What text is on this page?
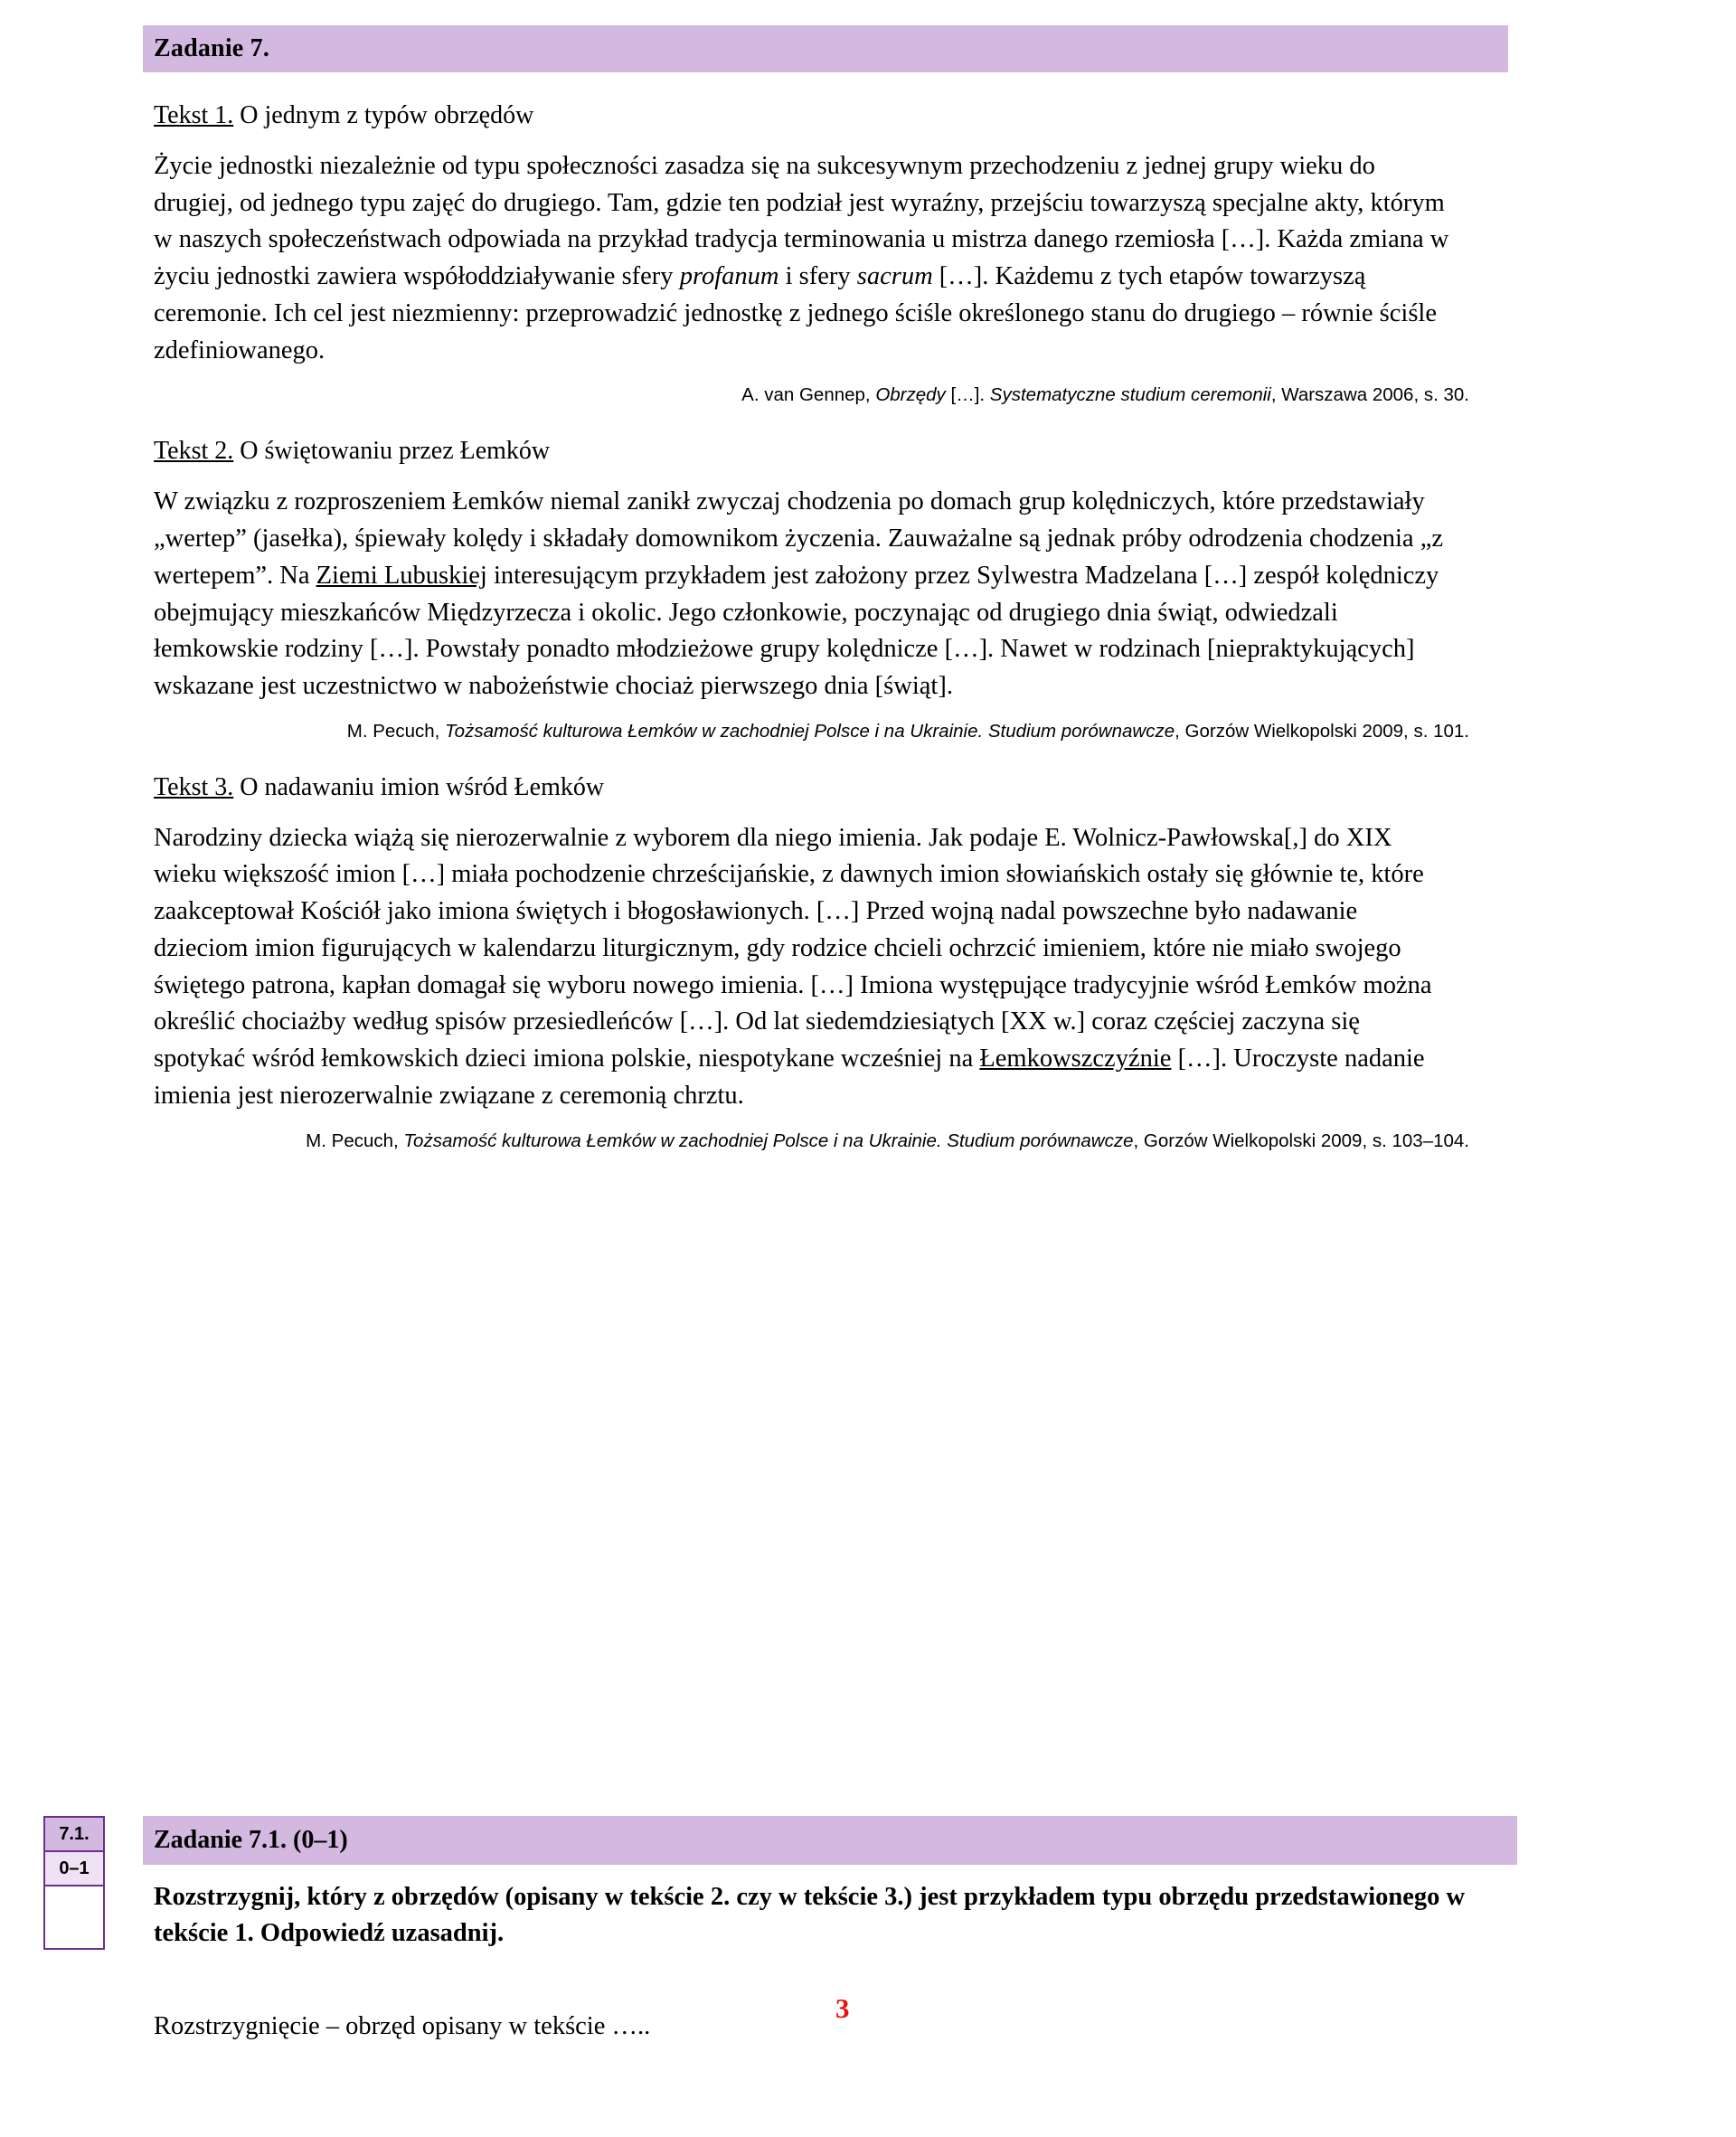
Zadanie 7.
Tekst 1. O jednym z typów obrzędów

Życie jednostki niezależnie od typu społeczności zasadza się na sukcesywnym przechodzeniu z jednej grupy wieku do drugiej, od jednego typu zajęć do drugiego. Tam, gdzie ten podział jest wyraźny, przejściu towarzyszą specjalne akty, którym w naszych społeczeństwach odpowiada na przykład tradycja terminowania u mistrza danego rzemiosła […]. Każda zmiana w życiu jednostki zawiera współoddziaływanie sfery profanum i sfery sacrum […]. Każdemu z tych etapów towarzyszą ceremonie. Ich cel jest niezmienny: przeprowadzić jednostkę z jednego ściśle określonego stanu do drugiego – równie ściśle zdefiniowanego.

A. van Gennep, Obrzędy […]. Systematyczne studium ceremonii, Warszawa 2006, s. 30.
Tekst 2. O świętowaniu przez Łemków

W związku z rozproszeniem Łemków niemal zanikł zwyczaj chodzenia po domach grup kolędniczych, które przedstawiały „wertep” (jasełka), śpiewały kolędy i składały domownikom życzenia. Zauważalne są jednak próby odrodzenia chodzenia „z wertepem”. Na Ziemi Lubuskiej interesującym przykładem jest założony przez Sylwestra Madzelana […] zespół kolędniczy obejmujący mieszkańców Międzyrzecza i okolic. Jego członkowie, poczynając od drugiego dnia świąt, odwiedzali łemkowskie rodziny […]. Powstały ponadto młodzieżowe grupy kolędnicze […]. Nawet w rodzinach [niepraktykujących] wskazane jest uczestnictwo w nabożeństwie chociaż pierwszego dnia [świąt].

M. Pecuch, Tożsamość kulturowa Łemków w zachodniej Polsce i na Ukrainie. Studium porównawcze, Gorzów Wielkopolski 2009, s. 101.
Tekst 3. O nadawaniu imion wśród Łemków

Narodziny dziecka wiążą się nierozerwalnie z wyborem dla niego imienia. Jak podaje E. Wolnicz-Pawłowska[,] do XIX wieku większość imion […] miała pochodzenie chrześcijańskie, z dawnych imion słowiańskich ostały się głównie te, które zaakceptował Kościół jako imiona świętych i błogosławionych. […] Przed wojną nadal powszechne było nadawanie dzieciom imion figurujących w kalendarzu liturgicznym, gdy rodzice chcieli ochrzcić imieniem, które nie miało swojego świętego patrona, kapłan domagał się wyboru nowego imienia. […] Imiona występujące tradycyjnie wśród Łemków można określić chociażby według spisów przesiedleńców […]. Od lat siedemdziesiątych [XX w.] coraz częściej zaczyna się spotykać wśród łemkowskich dzieci imiona polskie, niespotykane wcześniej na Łemkowszczyźnie […]. Uroczyste nadanie imienia jest nierozerwalnie związane z ceremonią chrztu.

M. Pecuch, Tożsamość kulturowa Łemków w zachodniej Polsce i na Ukrainie. Studium porównawcze, Gorzów Wielkopolski 2009, s. 103–104.
7.1.
0–1
Zadanie 7.1. (0–1)
Rozstrzygnij, który z obrzędów (opisany w tekście 2. czy w tekście 3.) jest przykładem typu obrzędu przedstawionego w tekście 1. Odpowiedź uzasadnij.
Rozstrzygnięcie – obrzęd opisany w tekście …..
3
